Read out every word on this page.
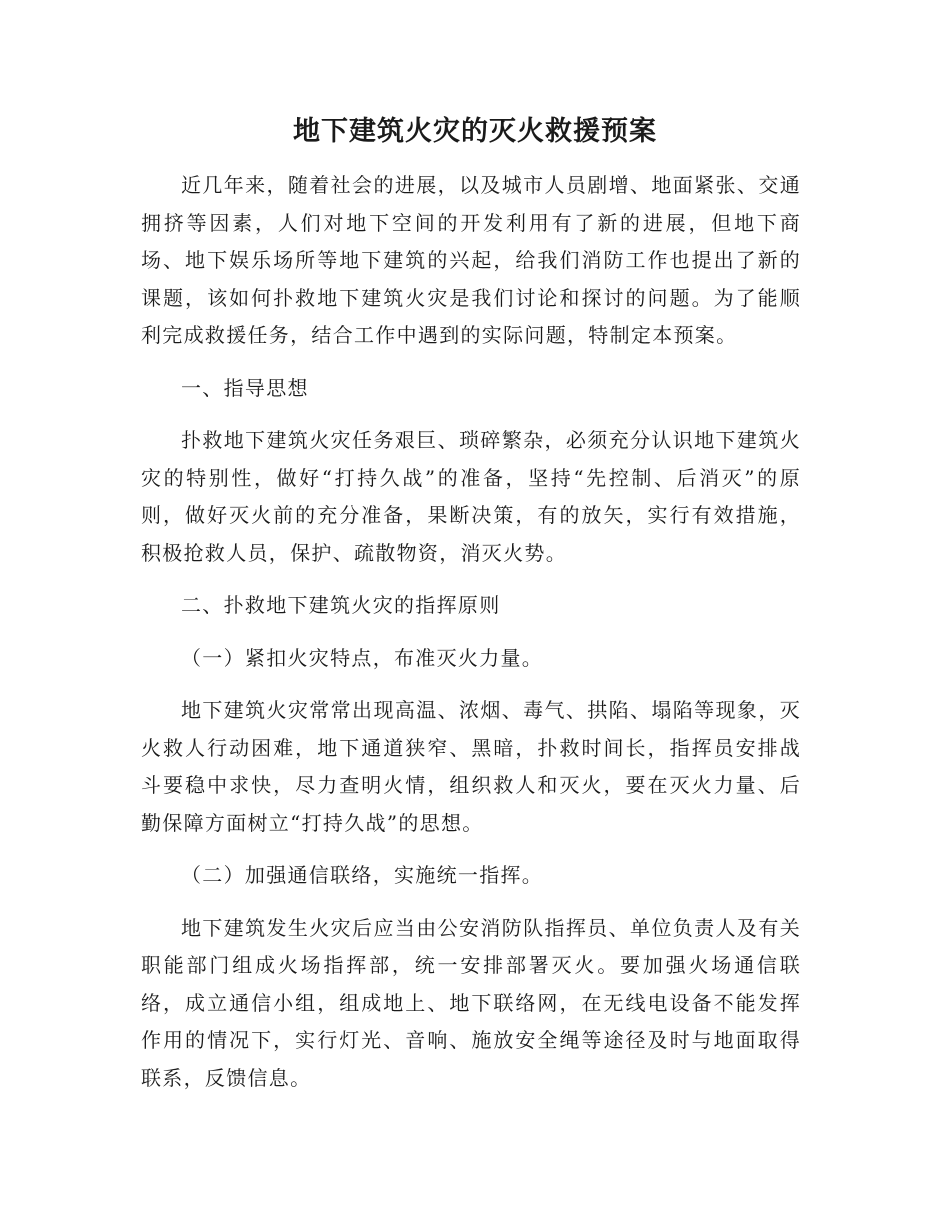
地下建筑火灾的灭火救援预案

近几年来，随着社会的进展，以及城市人员剧增、地面紧张、交通拥挤等因素，人们对地下空间的开发利用有了新的进展，但地下商场、地下娱乐场所等地下建筑的兴起，给我们消防工作也提出了新的课题，该如何扑救地下建筑火灾是我们讨论和探讨的问题。为了能顺利完成救援任务，结合工作中遇到的实际问题，特制定本预案。

一、指导思想

扑救地下建筑火灾任务艰巨、琐碎繁杂，必须充分认识地下建筑火灾的特别性，做好“打持久战”的准备，坚持“先控制、后消灭”的原则，做好灭火前的充分准备，果断决策，有的放矢，实行有效措施，积极抢救人员，保护、疏散物资，消灭火势。

二、扑救地下建筑火灾的指挥原则

（一）紧扣火灾特点，布准灭火力量。

地下建筑火灾常常出现高温、浓烟、毒气、拱陷、塌陷等现象，灭火救人行动困难，地下通道狭窄、黑暗，扑救时间长，指挥员安排战斗要稳中求快，尽力查明火情，组织救人和灭火，要在灭火力量、后勤保障方面树立“打持久战”的思想。

（二）加强通信联络，实施统一指挥。

地下建筑发生火灾后应当由公安消防队指挥员、单位负责人及有关职能部门组成火场指挥部，统一安排部署灭火。要加强火场通信联络，成立通信小组，组成地上、地下联络网，在无线电设备不能发挥作用的情况下，实行灯光、音响、施放安全绳等途径及时与地面取得联系，反馈信息。
